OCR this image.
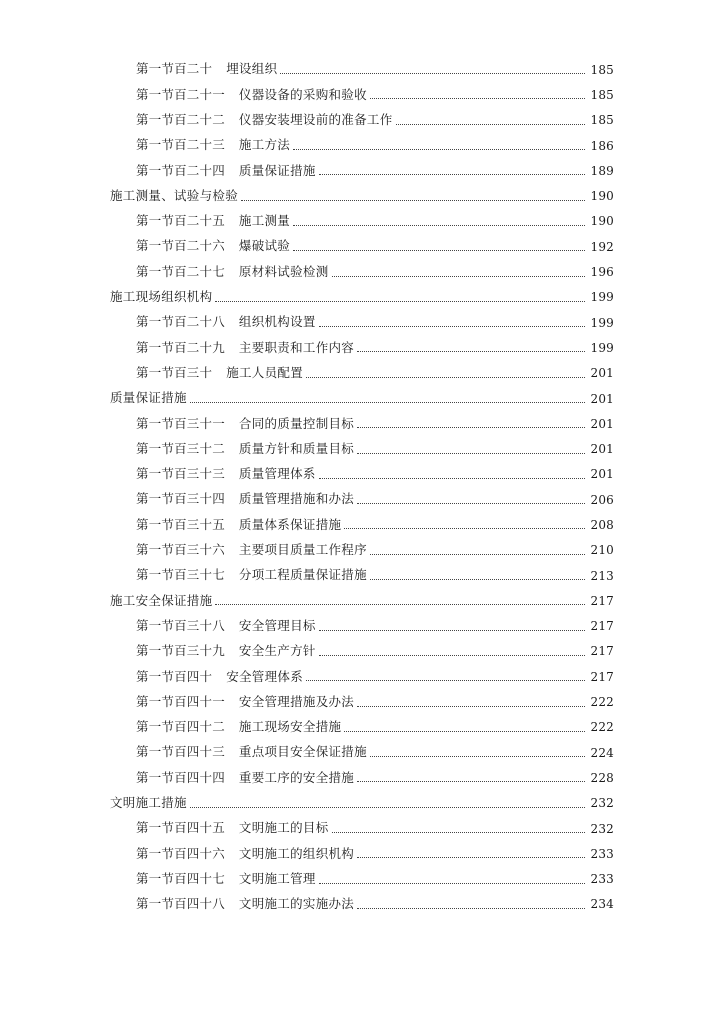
第一节百二十 埋设组织	185
第一节百二十一 仪器设备的采购和验收	185
第一节百二十二 仪器安装埋设前的准备工作	185
第一节百二十三 施工方法	186
第一节百二十四 质量保证措施	189
施工测量、试验与检验	190
第一节百二十五 施工测量	190
第一节百二十六 爆破试验	192
第一节百二十七 原材料试验检测	196
施工现场组织机构	199
第一节百二十八 组织机构设置	199
第一节百二十九 主要职责和工作内容	199
第一节百三十 施工人员配置	201
质量保证措施	201
第一节百三十一 合同的质量控制目标	201
第一节百三十二 质量方针和质量目标	201
第一节百三十三 质量管理体系	201
第一节百三十四 质量管理措施和办法	206
第一节百三十五 质量体系保证措施	208
第一节百三十六 主要项目质量工作程序	210
第一节百三十七 分项工程质量保证措施	213
施工安全保证措施	217
第一节百三十八 安全管理目标	217
第一节百三十九 安全生产方针	217
第一节百四十 安全管理体系	217
第一节百四十一 安全管理措施及办法	222
第一节百四十二 施工现场安全措施	222
第一节百四十三 重点项目安全保证措施	224
第一节百四十四 重要工序的安全措施	228
文明施工措施	232
第一节百四十五 文明施工的目标	232
第一节百四十六 文明施工的组织机构	233
第一节百四十七 文明施工管理	233
第一节百四十八 文明施工的实施办法	234
